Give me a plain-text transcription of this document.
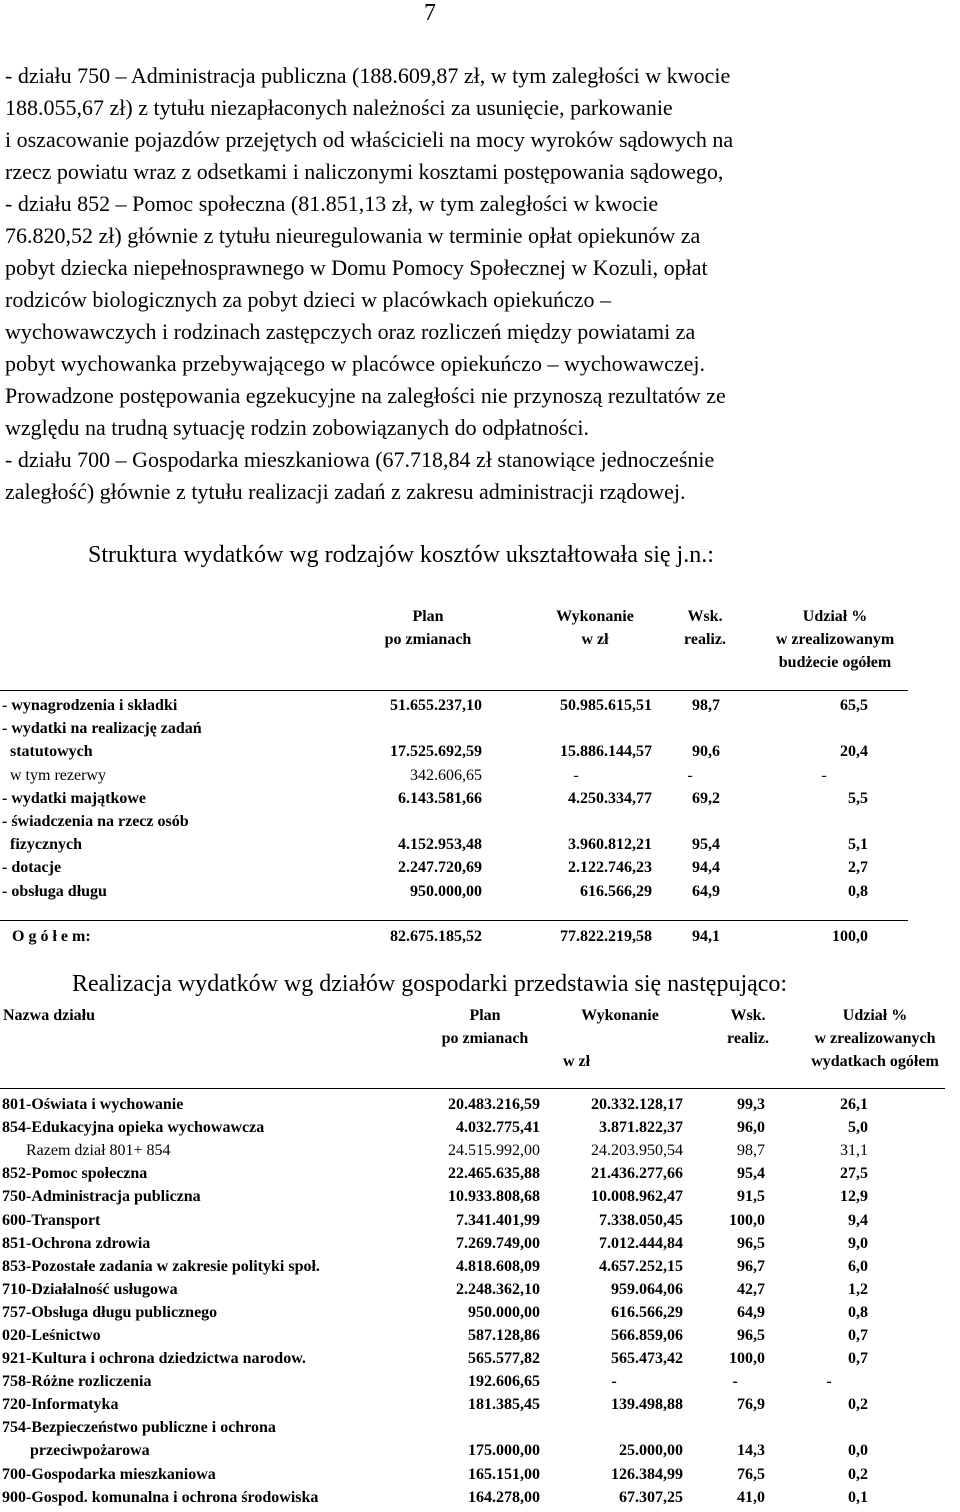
7
- działu 750 – Administracja publiczna (188.609,87 zł, w tym zaległości w kwocie
188.055,67 zł) z tytułu niezapłaconych należności za usunięcie, parkowanie
i oszacowanie pojazdów przejętych od właścicieli na mocy wyroków sądowych na
rzecz powiatu wraz z odsetkami i naliczonymi kosztami postępowania sądowego,
- działu 852 – Pomoc społeczna (81.851,13 zł, w tym zaległości w kwocie
76.820,52 zł) głównie z tytułu nieuregulowania w terminie opłat opiekunów za
pobyt dziecka niepełnosprawnego w Domu Pomocy Społecznej w Kozuli, opłat
rodziców biologicznych za pobyt dzieci w placówkach opiekuńczo –
wychowawczych i rodzinach zastępczych oraz rozliczeń między powiatami za
pobyt wychowanka przebywającego w placówce opiekuńczo – wychowawczej.
Prowadzone postępowania egzekucyjne na zaległości nie przynoszą rezultatów ze
względu na trudną sytuację rodzin zobowiązanych do odpłatności.
- działu 700 – Gospodarka mieszkaniowa (67.718,84 zł stanowiące jednocześnie
zaległość) głównie z tytułu realizacji zadań z zakresu administracji rządowej.
Struktura wydatków wg rodzajów kosztów ukształtowała się j.n.:
Plan
po zmianach
Wykonanie
w zł
Wsk.
realiz.
Udział %
w zrealizowanym
budżecie ogółem
- wynagrodzenia i składki	51.655.237,10	50.985.615,51	98,7	65,5
- wydatki na realizację zadań
statutowych	17.525.692,59	15.886.144,57	90,6	20,4
w tym rezerwy	342.606,65	-	-	-
- wydatki majątkowe	6.143.581,66	4.250.334,77	69,2	5,5
- świadczenia na rzecz osób
fizycznych	4.152.953,48	3.960.812,21	95,4	5,1
- dotacje	2.247.720,69	2.122.746,23	94,4	2,7
- obsługa długu	950.000,00	616.566,29	64,9	0,8
O g ó ł e m:	82.675.185,52	77.822.219,58	94,1	100,0
Realizacja wydatków wg działów gospodarki przedstawia się następująco:
Nazwa działu	Plan
po zmianach
Wykonanie
w zł
Wsk.
realiz.
Udział %
w zrealizowanych
wydatkach ogółem
801-Oświata i wychowanie	20.483.216,59	20.332.128,17	99,3	26,1
854-Edukacyjna opieka wychowawcza	4.032.775,41	3.871.822,37	96,0	5,0
Razem dział 801+ 854	24.515.992,00	24.203.950,54	98,7	31,1
852-Pomoc społeczna	22.465.635,88	21.436.277,66	95,4	27,5
750-Administracja publiczna	10.933.808,68	10.008.962,47	91,5	12,9
600-Transport	7.341.401,99	7.338.050,45	100,0	9,4
851-Ochrona zdrowia	7.269.749,00	7.012.444,84	96,5	9,0
853-Pozostałe zadania w zakresie polityki społ.	4.818.608,09	4.657.252,15	96,7	6,0
710-Działalność usługowa	2.248.362,10	959.064,06	42,7	1,2
757-Obsługa długu publicznego	950.000,00	616.566,29	64,9	0,8
020-Leśnictwo	587.128,86	566.859,06	96,5	0,7
921-Kultura i ochrona dziedzictwa narodow.	565.577,82	565.473,42	100,0	0,7
758-Różne rozliczenia	192.606,65	-	-	-
720-Informatyka	181.385,45	139.498,88	76,9	0,2
754-Bezpieczeństwo publiczne i ochrona
przeciwpożarowa	175.000,00	25.000,00	14,3	0,0
700-Gospodarka mieszkaniowa	165.151,00	126.384,99	76,5	0,2
900-Gospod. komunalna i ochrona środowiska	164.278,00	67.307,25	41,0	0,1
